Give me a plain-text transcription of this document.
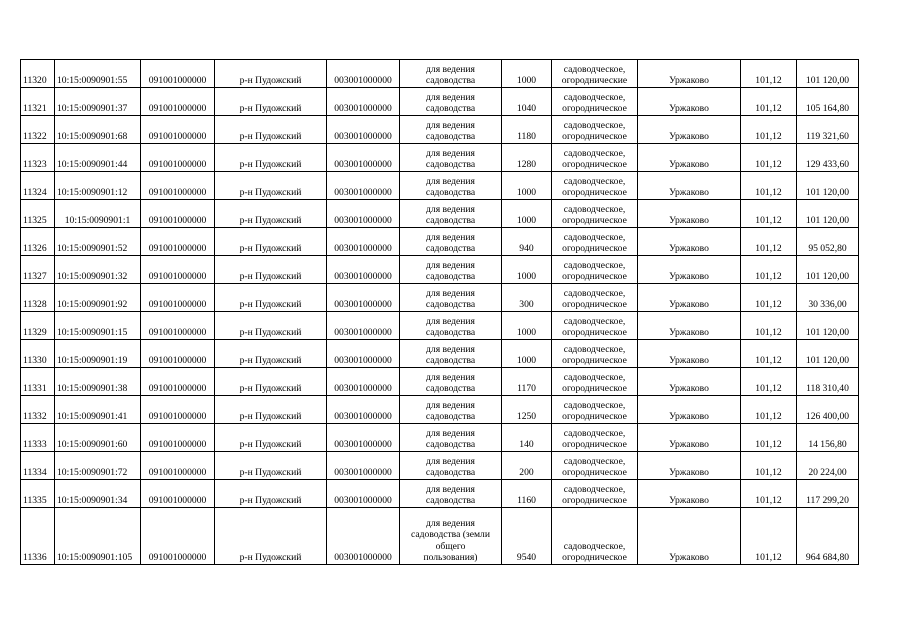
11320	10:15:0090901:55	091001000000	р-н Пудожский	003001000000	для ведения
садоводства	1000	садоводческое,
огороднические	Уржаково	101,12	101 120,00
11321	10:15:0090901:37	091001000000	р-н Пудожский	003001000000	для ведения
садоводства	1040	садоводческое,
огородническое	Уржаково	101,12	105 164,80
11322	10:15:0090901:68	091001000000	р-н Пудожский	003001000000	для ведения
садоводства	1180	садоводческое,
огородническое	Уржаково	101,12	119 321,60
11323	10:15:0090901:44	091001000000	р-н Пудожский	003001000000	для ведения
садоводства	1280	садоводческое,
огородническое	Уржаково	101,12	129 433,60
11324	10:15:0090901:12	091001000000	р-н Пудожский	003001000000	для ведения
садоводства	1000	садоводческое,
огородническое	Уржаково	101,12	101 120,00
11325	10:15:0090901:1	091001000000	р-н Пудожский	003001000000	для ведения
садоводства	1000	садоводческое,
огородническое	Уржаково	101,12	101 120,00
11326	10:15:0090901:52	091001000000	р-н Пудожский	003001000000	для ведения
садоводства	940	садоводческое,
огородническое	Уржаково	101,12	95 052,80
11327	10:15:0090901:32	091001000000	р-н Пудожский	003001000000	для ведения
садоводства	1000	садоводческое,
огородническое	Уржаково	101,12	101 120,00
11328	10:15:0090901:92	091001000000	р-н Пудожский	003001000000	для ведения
садоводства	300	садоводческое,
огородническое	Уржаково	101,12	30 336,00
11329	10:15:0090901:15	091001000000	р-н Пудожский	003001000000	для ведения
садоводства	1000	садоводческое,
огородническое	Уржаково	101,12	101 120,00
11330	10:15:0090901:19	091001000000	р-н Пудожский	003001000000	для ведения
садоводства	1000	садоводческое,
огородническое	Уржаково	101,12	101 120,00
11331	10:15:0090901:38	091001000000	р-н Пудожский	003001000000	для ведения
садоводства	1170	садоводческое,
огородническое	Уржаково	101,12	118 310,40
11332	10:15:0090901:41	091001000000	р-н Пудожский	003001000000	для ведения
садоводства	1250	садоводческое,
огородническое	Уржаково	101,12	126 400,00
11333	10:15:0090901:60	091001000000	р-н Пудожский	003001000000	для ведения
садоводства	140	садоводческое,
огородническое	Уржаково	101,12	14 156,80
11334	10:15:0090901:72	091001000000	р-н Пудожский	003001000000	для ведения
садоводства	200	садоводческое,
огородническое	Уржаково	101,12	20 224,00
11335	10:15:0090901:34	091001000000	р-н Пудожский	003001000000	для ведения
садоводства	1160	садоводческое,
огородническое	Уржаково	101,12	117 299,20
11336	10:15:0090901:105	091001000000	р-н Пудожский	003001000000	для ведения
садоводства (земли
общего
пользования)	9540	садоводческое,
огородническое	Уржаково	101,12	964 684,80
